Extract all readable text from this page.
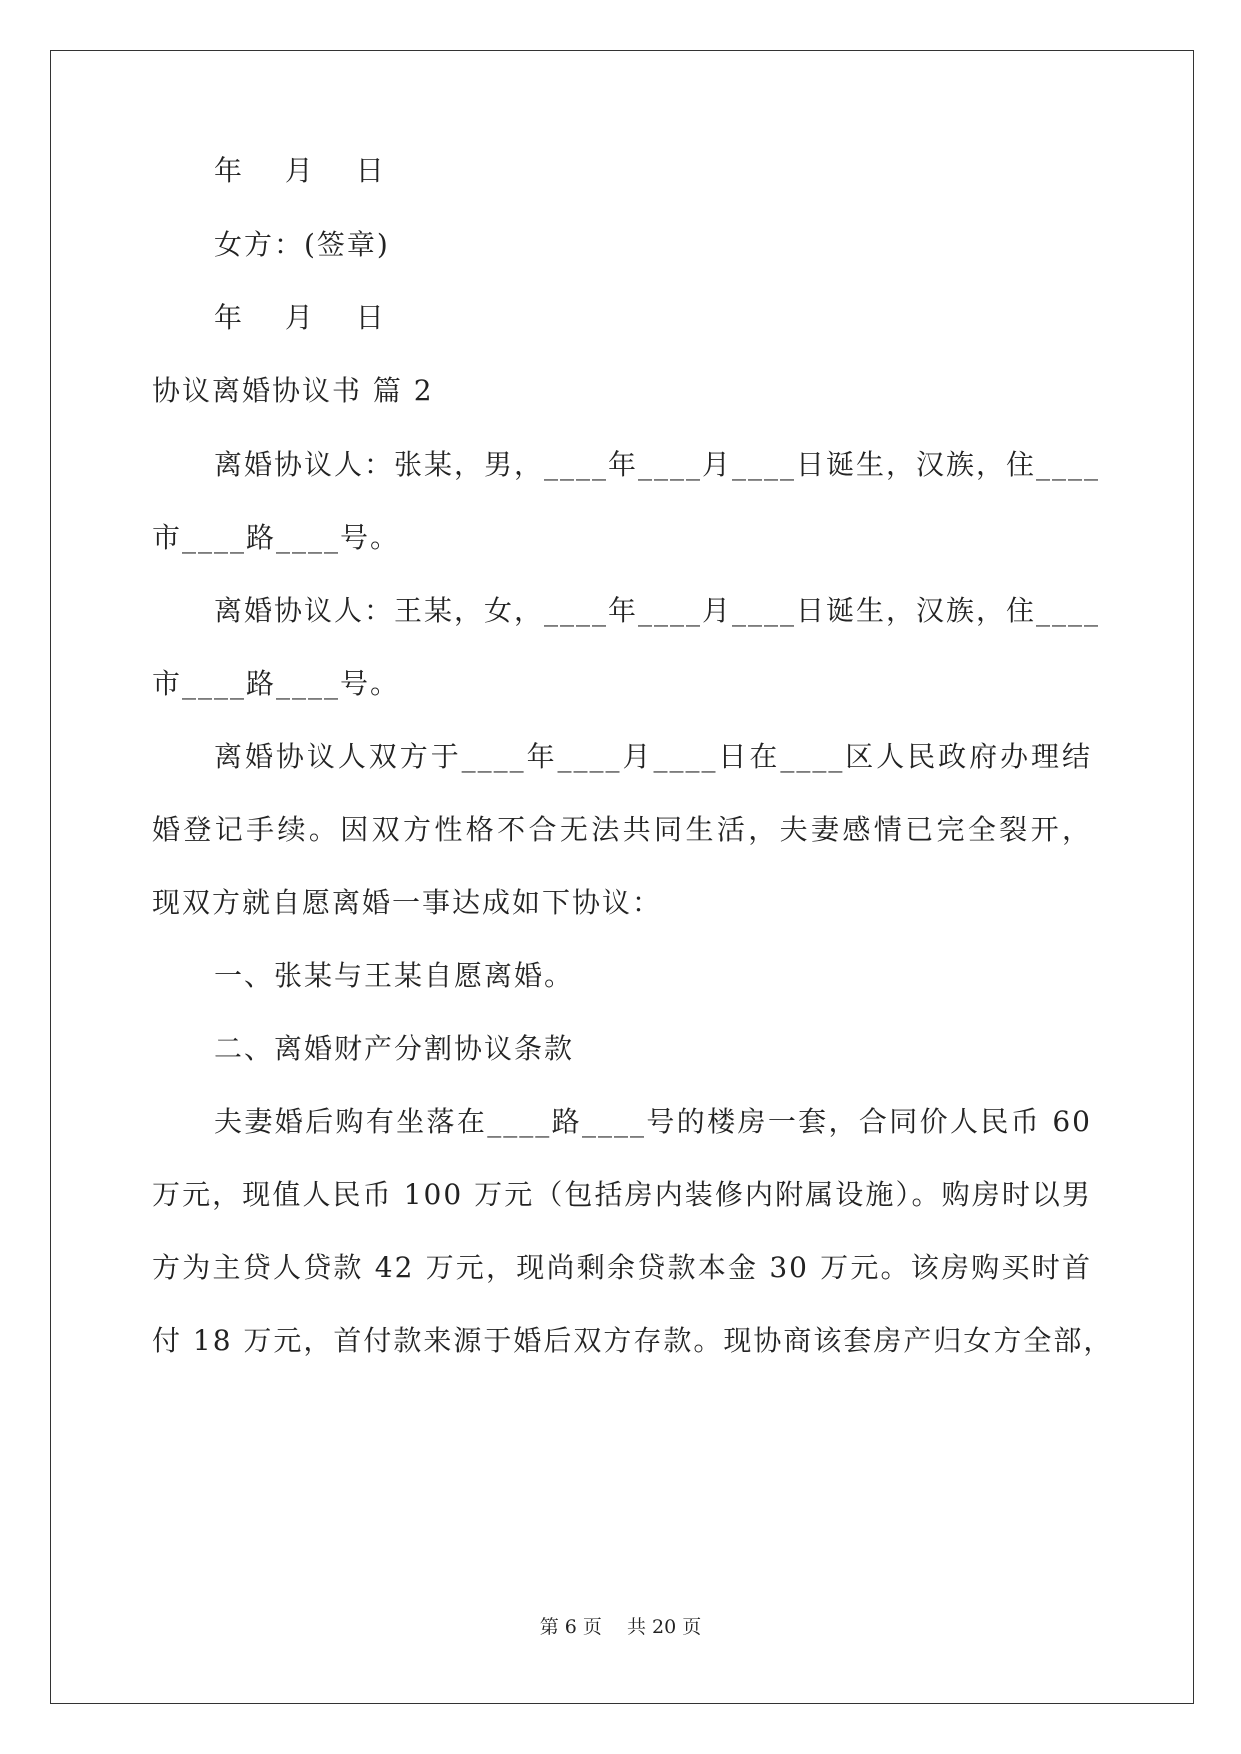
年　 月　 日
女方：(签章)
年　 月　 日
协议离婚协议书 篇 2
离婚协议人：张某，男，____年____月____日诞生，汉族，住____
市____路____号。
离婚协议人：王某，女，____年____月____日诞生，汉族，住____
市____路____号。
离婚协议人双方于____年____月____日在____区人民政府办理结
婚登记手续。因双方性格不合无法共同生活，夫妻感情已完全裂开，
现双方就自愿离婚一事达成如下协议：
一、张某与王某自愿离婚。
二、离婚财产分割协议条款
夫妻婚后购有坐落在____路____号的楼房一套，合同价人民币 60
万元，现值人民币 100 万元（包括房内装修内附属设施）。购房时以男
方为主贷人贷款 42 万元，现尚剩余贷款本金 30 万元。该房购买时首
付 18 万元，首付款来源于婚后双方存款。现协商该套房产归女方全部，
第 6 页　 共 20 页
